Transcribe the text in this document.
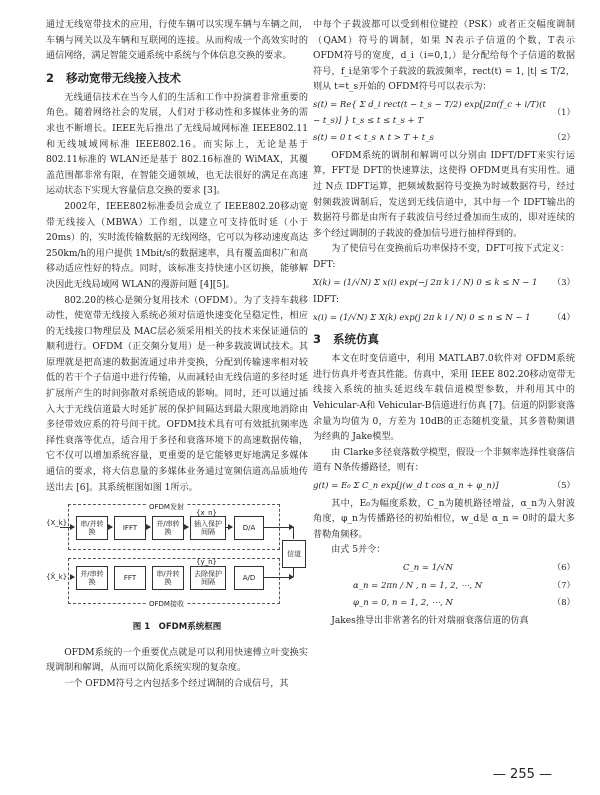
通过无线宽带技术的应用，行使车辆可以实现车辆与车辆之间，车辆与网关以及车辆和互联网的连接。从而构成一个高效实时的通信网络，满足智能交通系统中系统与个体信息交换的要求。

2 移动宽带无线接入技术

无线通信技术在当今人们的生活和工作中扮演着非常重要的角色。随着网络社会的发展，人们对于移动性和多媒体业务的需求也不断增长。IEEE先后推出了无线局域网标准 IEEE802.11和无线城域网标准 IEEE802.16。而实际上，无论是基于 802.11标准的 WLAN还是基于 802.16标准的 WiMAX，其覆盖范围都非常有限，在智能交通领域，也无法很好的满足在高速运动状态下实现大容量信息交换的要求 [3]。

2002年，IEEE802标准委员会成立了 IEEE802.20移动宽带无线接入（MBWA）工作组，以建立可支持低时延（小于20ms）的，实时流传输数据的无线网络，它可以为移动速度高达 250km/h的用户提供 1Mbit/s的数据速率，具有覆盖面积广和高移动适应性好的特点。同时，该标准支持快速小区切换，能够解决因此无线局域网 WLAN的漫游问题 [4][5]。

802.20的核心是频分复用技术（OFDM）。为了支持车载移动性，使宽带无线接入系统必须对信道快速变化呈稳定性，相应的无线接口物理层及 MAC层必须采用相关的技术来保证通信的顺利进行。OFDM（正交频分复用）是一种多载波调试技术。其原理就是把高速的数据流通过串并变换，分配到传输速率相对较低的若干个子信道中进行传输，从而减轻由无线信道的多径时延扩展所产生的时间弥散对系统造成的影响。同时，还可以通过插入大于无线信道最大时延扩展的保护间隔达到最大限度地消除由多径带效应系的符号间干扰。OFDM技术具有可有效抵抗频率选择性衰落等优点，适合用于多径和衰落环境下的高速数据传输，它不仅可以增加系统容量，更重要的是它能够更好地满足多媒体通信的要求，将大信息量的多媒体业务通过宽频信道高品质地传送出去 [6]。其系统框图如图 1所示。

OFDM发射
OFDM接收
{X_k}
{X̂_k}
串/并转换	IFFT	并/串转换
插入保护间隔	D/A
并/串转换	FFT	串/并转换
去除保护间隔	A/D
{x_n}
{y_n}
信道
图 1　OFDM系统框图

OFDM系统的一个重要优点就是可以利用快速傅立叶变换实现调制和解调，从而可以简化系统实现的复杂度。

一个 OFDM符号之内包括多个经过调制的合成信号，其

中每个子载波都可以受到相位键控（PSK）或者正交幅度调制（QAM）符号的调制，如果 N表示子信道的个数，T表示 OFDM符号的宽度，d_i（i=0,1,）是分配给每个子信道的数据符号，f_i是第零个子载波的载波频率，rect(t) = 1, |t| ≤ T/2，则从 t=t_s开始的 OFDM符号可以表示为：

s(t) = Re{ Σ d_i rect(t − t_s − T/2) exp[j2π(f_c + i/T)(t − t_s)] } t_s ≤ t ≤ t_s + T
（1）
s(t) = 0 t < t_s ∧ t > T + t_s	（2）

OFDM系统的调制和解调可以分别由 IDFT/DFT来实行运算，FFT是 DFT的快速算法，这使得 OFDM更具有实用性。通过 N点 IDFT运算，把频域数据符号变换为时域数据符号，经过射频载波调制后，发送到无线信道中，其中每一个 IDFT输出的数据符号都是由所有子载波信号经过叠加而生成的，即对连续的多个经过调制的子载波的叠加信号进行抽样得到的。

为了使信号在变换前后功率保持不变，DFT可按下式定义：

DFT:

X(k) = (1/√N) Σ x(i) exp(−j 2π k i / N) 0 ≤ k ≤ N − 1 （3）

IDFT:

x(i) = (1/√N) Σ X(k) exp(j 2π k i / N) 0 ≤ n ≤ N − 1	（4）
3 系统仿真

本文在时变信道中，利用 MATLAB7.0软件对 OFDM系统进行仿真并考查其性能。仿真中，采用 IEEE 802.20移动宽带无线接入系统的抽头延迟线车载信道模型参数，并利用其中的 Vehicular-A和 Vehicular-B信道进行仿真 [7]。信道的阴影衰落余量为均值为 0，方差为 10dB的正态随机变量，其多普勒频谱为经典的 Jake模型。

由 Clarke多径衰落数学模型，假设一个非频率选择性衰落信道有 N条传播路径，则有：

g(t) = E₀ Σ C_n exp[j(w_d t cos α_n + φ_n)]	（5）

其中，E₀为幅度系数，C_n为随机路径增益，α_n为入射波角度，φ_n为传播路径的初始相位，w_d是 α_n = 0时的最大多普勒角频移。

由式 5并令：

C_n = 1/√N	（6）
α_n = 2πn / N , n = 1, 2, ⋯, N	（7）
φ_n = 0, n = 1, 2, ⋯, N	（8）

Jakes推导出非常著名的针对瑞丽衰落信道的仿真

— 255 —
